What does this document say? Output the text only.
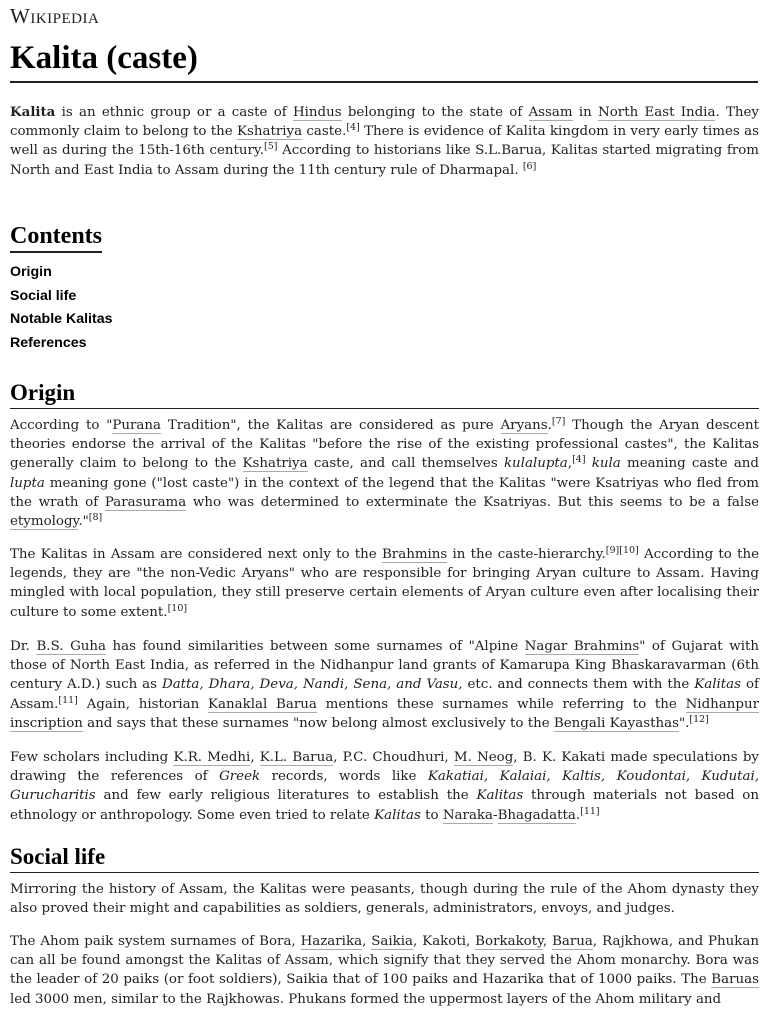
Wikipedia
Kalita (caste)

Kalita is an ethnic group or a caste of Hindus belonging to the state of Assam in North East India. They commonly claim to belong to the Kshatriya caste.[4] There is evidence of Kalita kingdom in very early times as well as during the 15th-16th century.[5] According to historians like S.L.Barua, Kalitas started migrating from North and East India to Assam during the 11th century rule of Dharmapal. [6]

Contents
Origin
Social life
Notable Kalitas
References
Origin

According to "Purana Tradition", the Kalitas are considered as pure Aryans.[7] Though the Aryan descent theories endorse the arrival of the Kalitas "before the rise of the existing professional castes", the Kalitas generally claim to belong to the Kshatriya caste, and call themselves kulalupta,[4] kula meaning caste and lupta meaning gone ("lost caste") in the context of the legend that the Kalitas "were Ksatriyas who fled from the wrath of Parasurama who was determined to exterminate the Ksatriyas. But this seems to be a false etymology."[8]

The Kalitas in Assam are considered next only to the Brahmins in the caste-hierarchy.[9][10] According to the legends, they are "the non-Vedic Aryans" who are responsible for bringing Aryan culture to Assam. Having mingled with local population, they still preserve certain elements of Aryan culture even after localising their culture to some extent.[10]

Dr. B.S. Guha has found similarities between some surnames of "Alpine Nagar Brahmins" of Gujarat with those of North East India, as referred in the Nidhanpur land grants of Kamarupa King Bhaskaravarman (6th century A.D.) such as Datta, Dhara, Deva, Nandi, Sena, and Vasu, etc. and connects them with the Kalitas of Assam.[11] Again, historian Kanaklal Barua mentions these surnames while referring to the Nidhanpur inscription and says that these surnames "now belong almost exclusively to the Bengali Kayasthas".[12]

Few scholars including K.R. Medhi, K.L. Barua, P.C. Choudhuri, M. Neog, B. K. Kakati made speculations by drawing the references of Greek records, words like Kakatiai, Kalaiai, Kaltis, Koudontai, Kudutai, Gurucharitis and few early religious literatures to establish the Kalitas through materials not based on ethnology or anthropology. Some even tried to relate Kalitas to Naraka-Bhagadatta.[11]

Social life

Mirroring the history of Assam, the Kalitas were peasants, though during the rule of the Ahom dynasty they also proved their might and capabilities as soldiers, generals, administrators, envoys, and judges.

The Ahom paik system surnames of Bora, Hazarika, Saikia, Kakoti, Borkakoty, Barua, Rajkhowa, and Phukan can all be found amongst the Kalitas of Assam, which signify that they served the Ahom monarchy. Bora was the leader of 20 paiks (or foot soldiers), Saikia that of 100 paiks and Hazarika that of 1000 paiks. The Baruas led 3000 men, similar to the Rajkhowas. Phukans formed the uppermost layers of the Ahom military and
